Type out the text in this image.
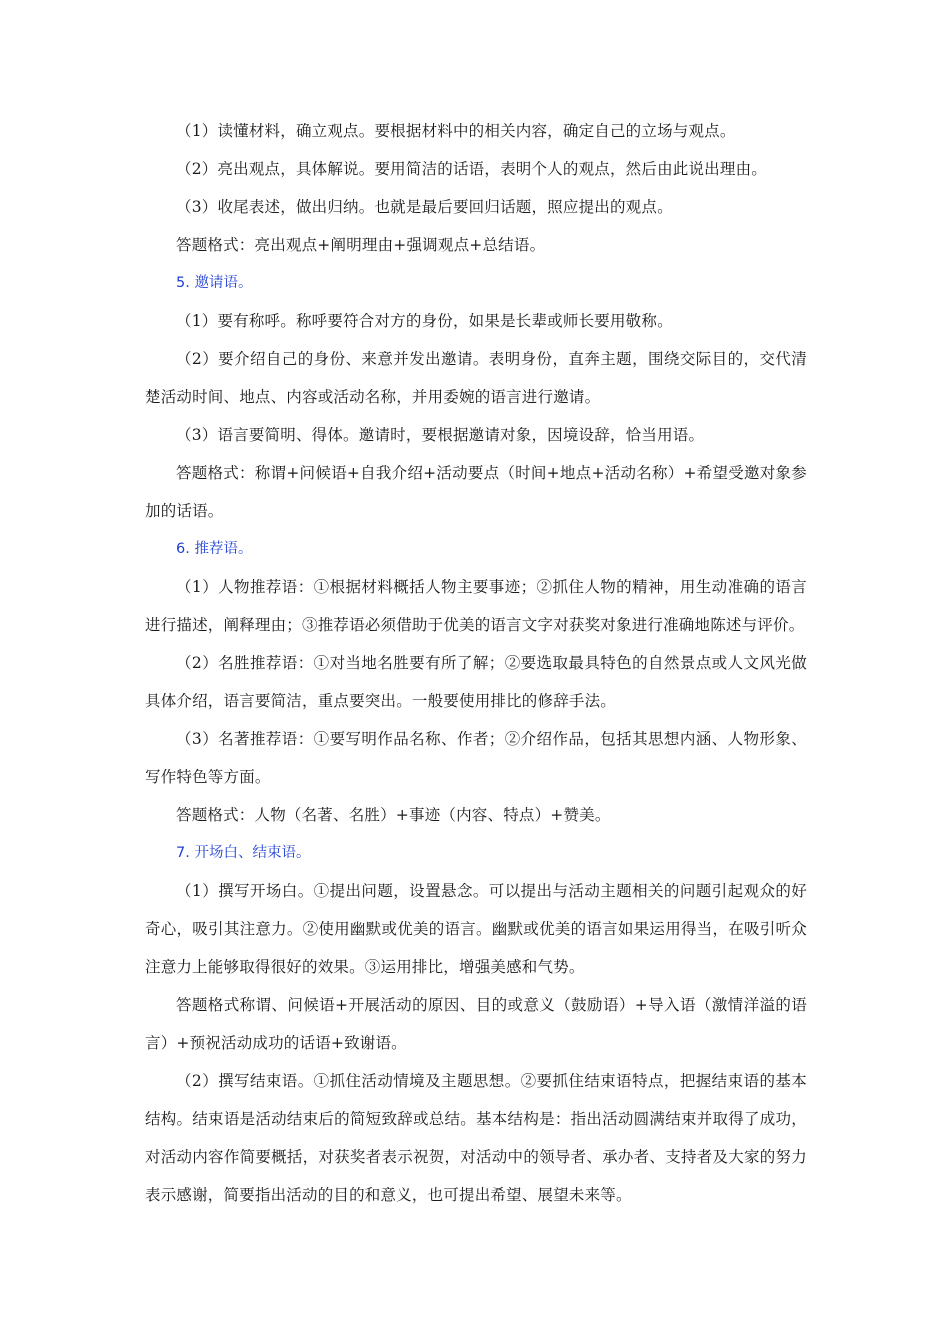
（1）读懂材料，确立观点。要根据材料中的相关内容，确定自己的立场与观点。

（2）亮出观点，具体解说。要用简洁的话语，表明个人的观点，然后由此说出理由。

（3）收尾表述，做出归纳。也就是最后要回归话题，照应提出的观点。

答题格式：亮出观点+阐明理由+强调观点+总结语。

5. 邀请语。

（1）要有称呼。称呼要符合对方的身份，如果是长辈或师长要用敬称。

（2）要介绍自己的身份、来意并发出邀请。表明身份，直奔主题，围绕交际目的，交代清楚活动时间、地点、内容或活动名称，并用委婉的语言进行邀请。

（3）语言要简明、得体。邀请时，要根据邀请对象，因境设辞，恰当用语。

答题格式：称谓+问候语+自我介绍+活动要点（时间+地点+活动名称）+希望受邀对象参加的话语。

6. 推荐语。

（1）人物推荐语：①根据材料概括人物主要事迹；②抓住人物的精神，用生动准确的语言进行描述，阐释理由；③推荐语必须借助于优美的语言文字对获奖对象进行准确地陈述与评价。

（2）名胜推荐语：①对当地名胜要有所了解；②要选取最具特色的自然景点或人文风光做具体介绍，语言要简洁，重点要突出。一般要使用排比的修辞手法。

（3）名著推荐语：①要写明作品名称、作者；②介绍作品，包括其思想内涵、人物形象、写作特色等方面。

答题格式：人物（名著、名胜）+事迹（内容、特点）+赞美。

7. 开场白、结束语。

（1）撰写开场白。①提出问题，设置悬念。可以提出与活动主题相关的问题引起观众的好奇心，吸引其注意力。②使用幽默或优美的语言。幽默或优美的语言如果运用得当，在吸引听众注意力上能够取得很好的效果。③运用排比，增强美感和气势。

答题格式称谓、问候语+开展活动的原因、目的或意义（鼓励语）+导入语（激情洋溢的语言）+预祝活动成功的话语+致谢语。

（2）撰写结束语。①抓住活动情境及主题思想。②要抓住结束语特点，把握结束语的基本结构。结束语是活动结束后的简短致辞或总结。基本结构是：指出活动圆满结束并取得了成功，对活动内容作简要概括，对获奖者表示祝贺，对活动中的领导者、承办者、支持者及大家的努力表示感谢，简要指出活动的目的和意义，也可提出希望、展望未来等。
